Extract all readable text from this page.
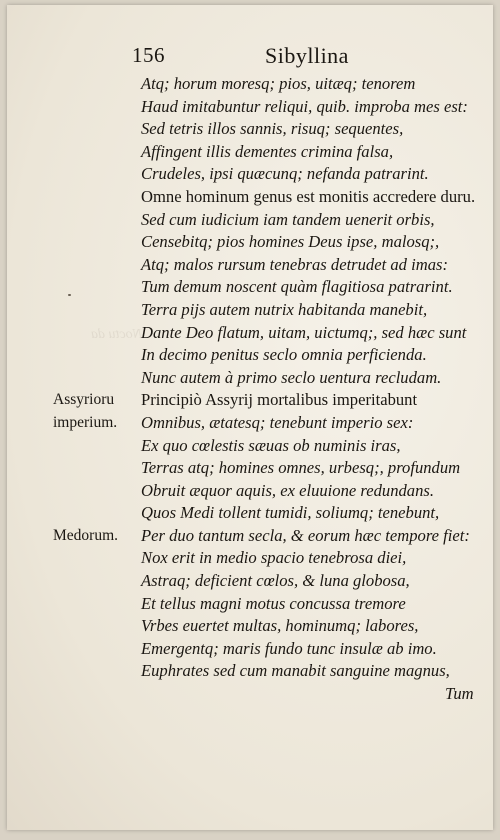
156	Sibyllina
Noctu da
Atq; horum moresq; pios, uitæq; tenorem
Haud imitabuntur reliqui, quib. improba mes est:
Sed tetris illos sannis, risuq; sequentes,
Affingent illis dementes crimina falsa,
Crudeles, ipsi quæcunq; nefanda patrarint.
Omne hominum genus est monitis accredere duru.
Sed cum iudicium iam tandem uenerit orbis,
Censebitq; pios homines Deus ipse, malosq;,
Atq; malos rursum tenebras detrudet ad imas:
Tum demum noscent quàm flagitiosa patrarint.
Terra pijs autem nutrix habitanda manebit,
Dante Deo flatum, uitam, uictumq;, sed hæc sunt
In decimo penitus seclo omnia perficienda.
Nunc autem à primo seclo uentura recludam.
Assyrioru Principiò Assyrij mortalibus imperitabunt
imperium. Omnibus, ætatesq; tenebunt imperio sex:
Ex quo cœlestis sæuas ob numinis iras,
Terras atq; homines omnes, urbesq;, profundum
Obruit æquor aquis, ex eluuione redundans.
Quos Medi tollent tumidi, soliumq; tenebunt,
Medorum. Per duo tantum secla, & eorum hæc tempore fiet:
Nox erit in medio spacio tenebrosa diei,
Astraq; deficient cœlos, & luna globosa,
Et tellus magni motus concussa tremore
Vrbes euertet multas, hominumq; labores,
Emergentq; maris fundo tunc insulæ ab imo.
Euphrates sed cum manabit sanguine magnus,
Tum
